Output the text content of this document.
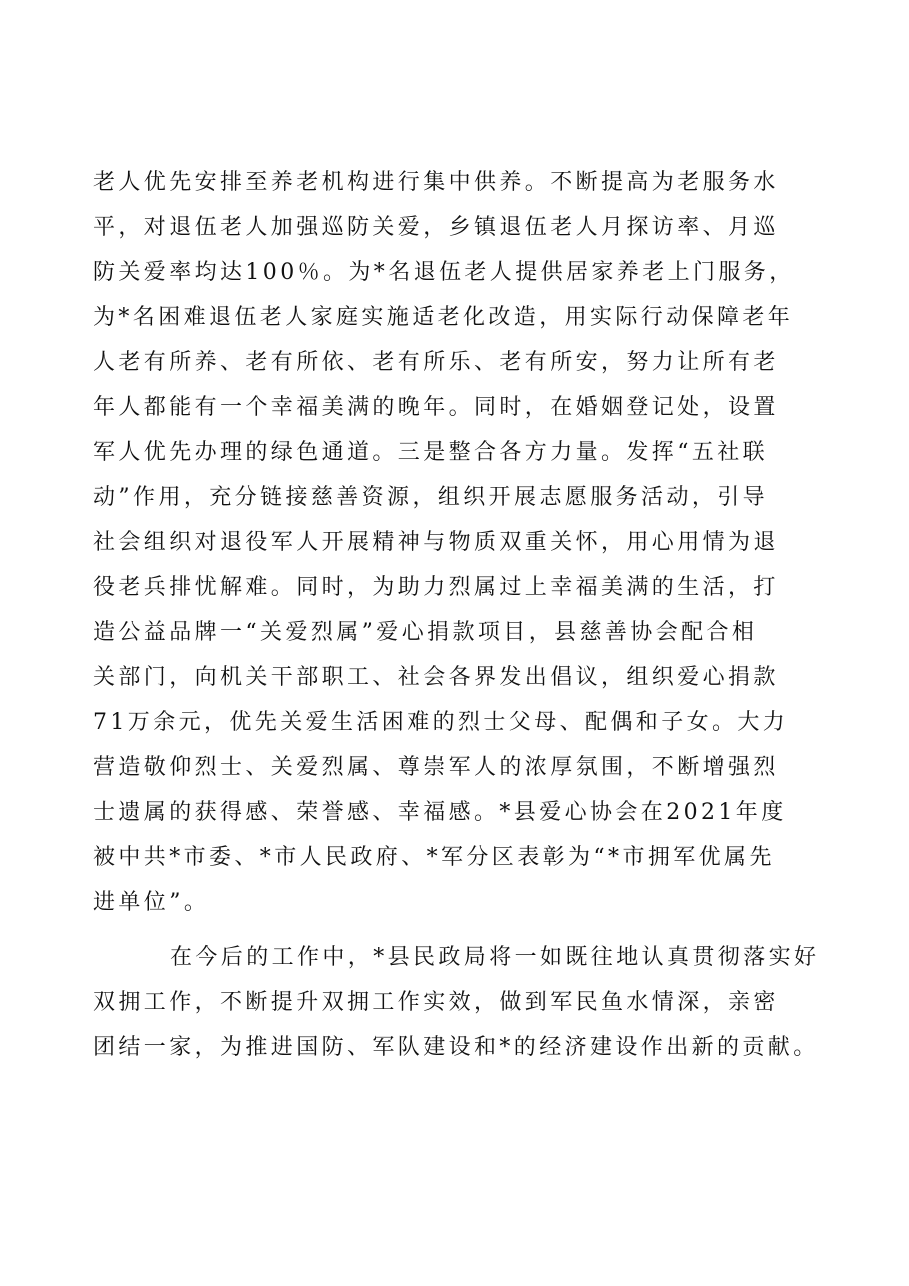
老人优先安排至养老机构进行集中供养。不断提高为老服务水
平，对退伍老人加强巡防关爱，乡镇退伍老人月探访率、月巡
防关爱率均达100％。为*名退伍老人提供居家养老上门服务，
为*名困难退伍老人家庭实施适老化改造，用实际行动保障老年
人老有所养、老有所依、老有所乐、老有所安，努力让所有老
年人都能有一个幸福美满的晚年。同时，在婚姻登记处，设置
军人优先办理的绿色通道。三是整合各方力量。发挥“五社联
动”作用，充分链接慈善资源，组织开展志愿服务活动，引导
社会组织对退役军人开展精神与物质双重关怀，用心用情为退
役老兵排忧解难。同时，为助力烈属过上幸福美满的生活，打
造公益品牌一“关爱烈属”爱心捐款项目，县慈善协会配合相
关部门，向机关干部职工、社会各界发出倡议，组织爱心捐款
71万余元，优先关爱生活困难的烈士父母、配偶和子女。大力
营造敬仰烈士、关爱烈属、尊崇军人的浓厚氛围，不断增强烈
士遗属的获得感、荣誉感、幸福感。*县爱心协会在2021年度
被中共*市委、*市人民政府、*军分区表彰为“*市拥军优属先
进单位”。
在今后的工作中，*县民政局将一如既往地认真贯彻落实好
双拥工作，不断提升双拥工作实效，做到军民鱼水情深，亲密
团结一家，为推进国防、军队建设和*的经济建设作出新的贡献。
